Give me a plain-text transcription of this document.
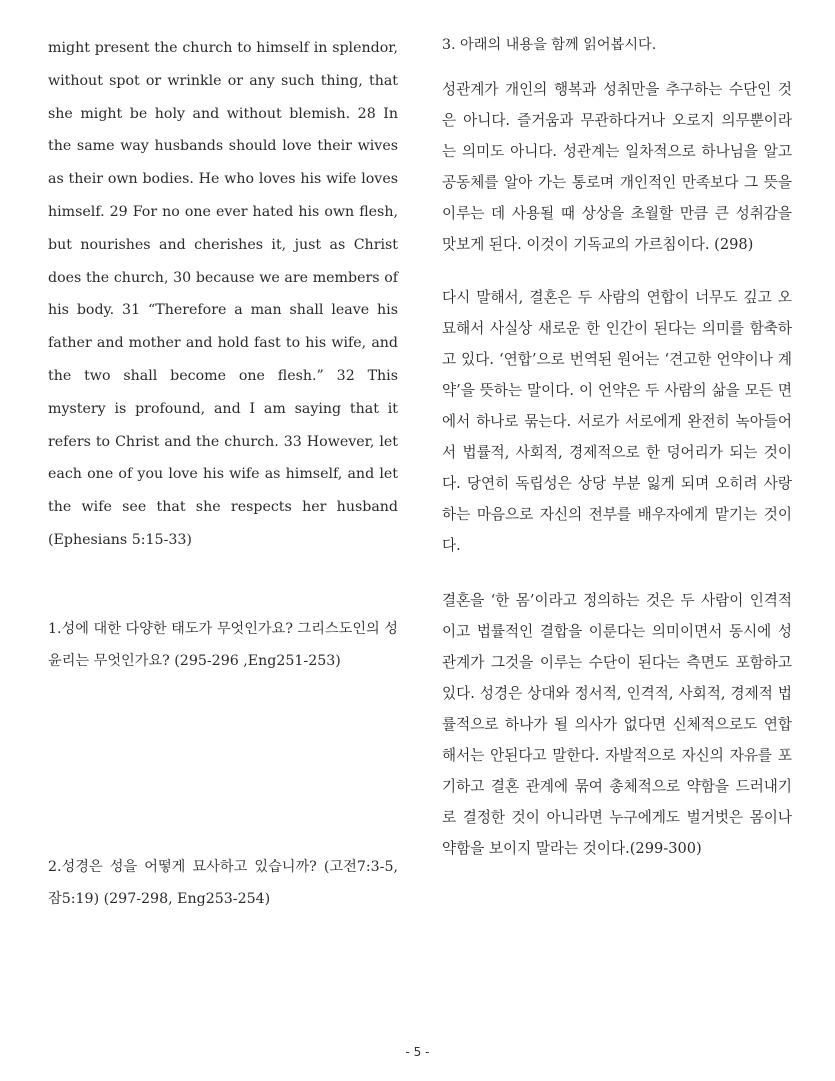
might present the church to himself in splendor, without spot or wrinkle or any such thing, that she might be holy and without blemish. 28 In the same way husbands should love their wives as their own bodies. He who loves his wife loves himself. 29 For no one ever hated his own flesh, but nourishes and cherishes it, just as Christ does the church, 30 because we are members of his body. 31 “Therefore a man shall leave his father and mother and hold fast to his wife, and the two shall become one flesh.” 32 This mystery is profound, and I am saying that it refers to Christ and the church. 33 However, let each one of you love his wife as himself, and let the wife see that she respects her husband (Ephesians 5:15-33)

1.성에 대한 다양한 태도가 무엇인가요? 그리스도인의 성 윤리는 무엇인가요? (295-296 ,Eng251-253)

2.성경은 성을 어떻게 묘사하고 있습니까? (고전7:3-5, 잠5:19) (297-298, Eng253-254)

3. 아래의 내용을 함께 읽어봅시다.

성관계가 개인의 행복과 성취만을 추구하는 수단인 것은 아니다. 즐거움과 무관하다거나 오로지 의무뿐이라는 의미도 아니다. 성관계는 일차적으로 하나님을 알고 공동체를 알아 가는 통로며 개인적인 만족보다 그 뜻을 이루는 데 사용될 때 상상을 초월할 만큼 큰 성취감을 맛보게 된다. 이것이 기독교의 가르침이다. (298)

다시 말해서, 결혼은 두 사람의 연합이 너무도 깊고 오묘해서 사실상 새로운 한 인간이 된다는 의미를 함축하고 있다. ‘연합’으로 번역된 원어는 ‘견고한 언약이나 계약’을 뜻하는 말이다. 이 언약은 두 사람의 삶을 모든 면에서 하나로 묶는다. 서로가 서로에게 완전히 녹아들어서 법률적, 사회적, 경제적으로 한 덩어리가 되는 것이다. 당연히 독립성은 상당 부분 잃게 되며 오히려 사랑하는 마음으로 자신의 전부를 배우자에게 맡기는 것이다.

결혼을 ‘한 몸’이라고 정의하는 것은 두 사람이 인격적이고 법률적인 결합을 이룬다는 의미이면서 동시에 성관계가 그것을 이루는 수단이 된다는 측면도 포함하고 있다. 성경은 상대와 정서적, 인격적, 사회적, 경제적 법률적으로 하나가 될 의사가 없다면 신체적으로도 연합해서는 안된다고 말한다. 자발적으로 자신의 자유를 포기하고 결혼 관계에 묶여 총체적으로 약함을 드러내기로 결정한 것이 아니라면 누구에게도 벌거벗은 몸이나 약함을 보이지 말라는 것이다.(299-300)

- 5 -
